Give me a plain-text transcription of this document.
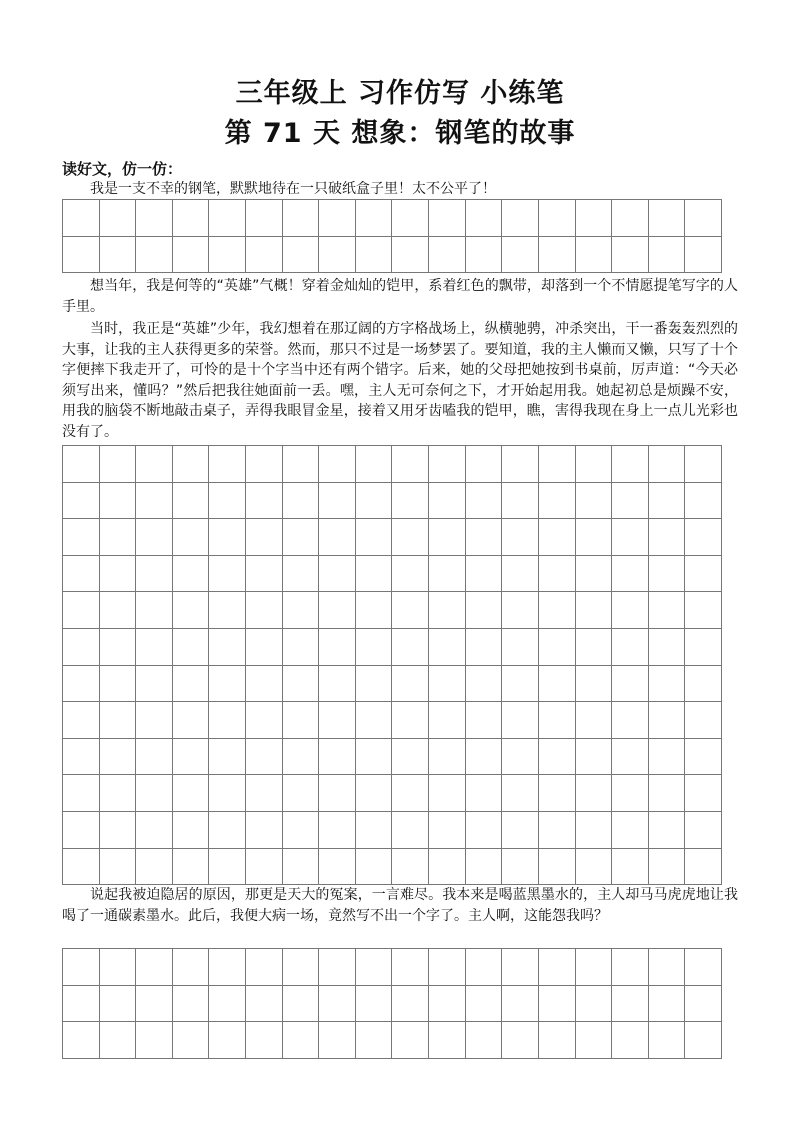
三年级上 习作仿写 小练笔
第 71 天 想象：钢笔的故事
读好文，仿一仿：

我是一支不幸的钢笔，默默地待在一只破纸盒子里！太不公平了！

想当年，我是何等的“英雄”气概！穿着金灿灿的铠甲，系着红色的飘带，却落到一个不情愿提笔写字的人手里。

当时，我正是“英雄”少年，我幻想着在那辽阔的方字格战场上，纵横驰骋，冲杀突出，干一番轰轰烈烈的大事，让我的主人获得更多的荣誉。然而，那只不过是一场梦罢了。要知道，我的主人懒而又懒，只写了十个字便摔下我走开了，可怜的是十个字当中还有两个错字。后来，她的父母把她按到书桌前，厉声道：“今天必须写出来，懂吗？”然后把我往她面前一丢。嘿，主人无可奈何之下，才开始起用我。她起初总是烦躁不安，用我的脑袋不断地敲击桌子，弄得我眼冒金星，接着又用牙齿嗑我的铠甲，瞧，害得我现在身上一点儿光彩也没有了。

说起我被迫隐居的原因，那更是天大的冤案，一言难尽。我本来是喝蓝黑墨水的，主人却马马虎虎地让我喝了一通碳素墨水。此后，我便大病一场，竟然写不出一个字了。主人啊，这能怨我吗？
